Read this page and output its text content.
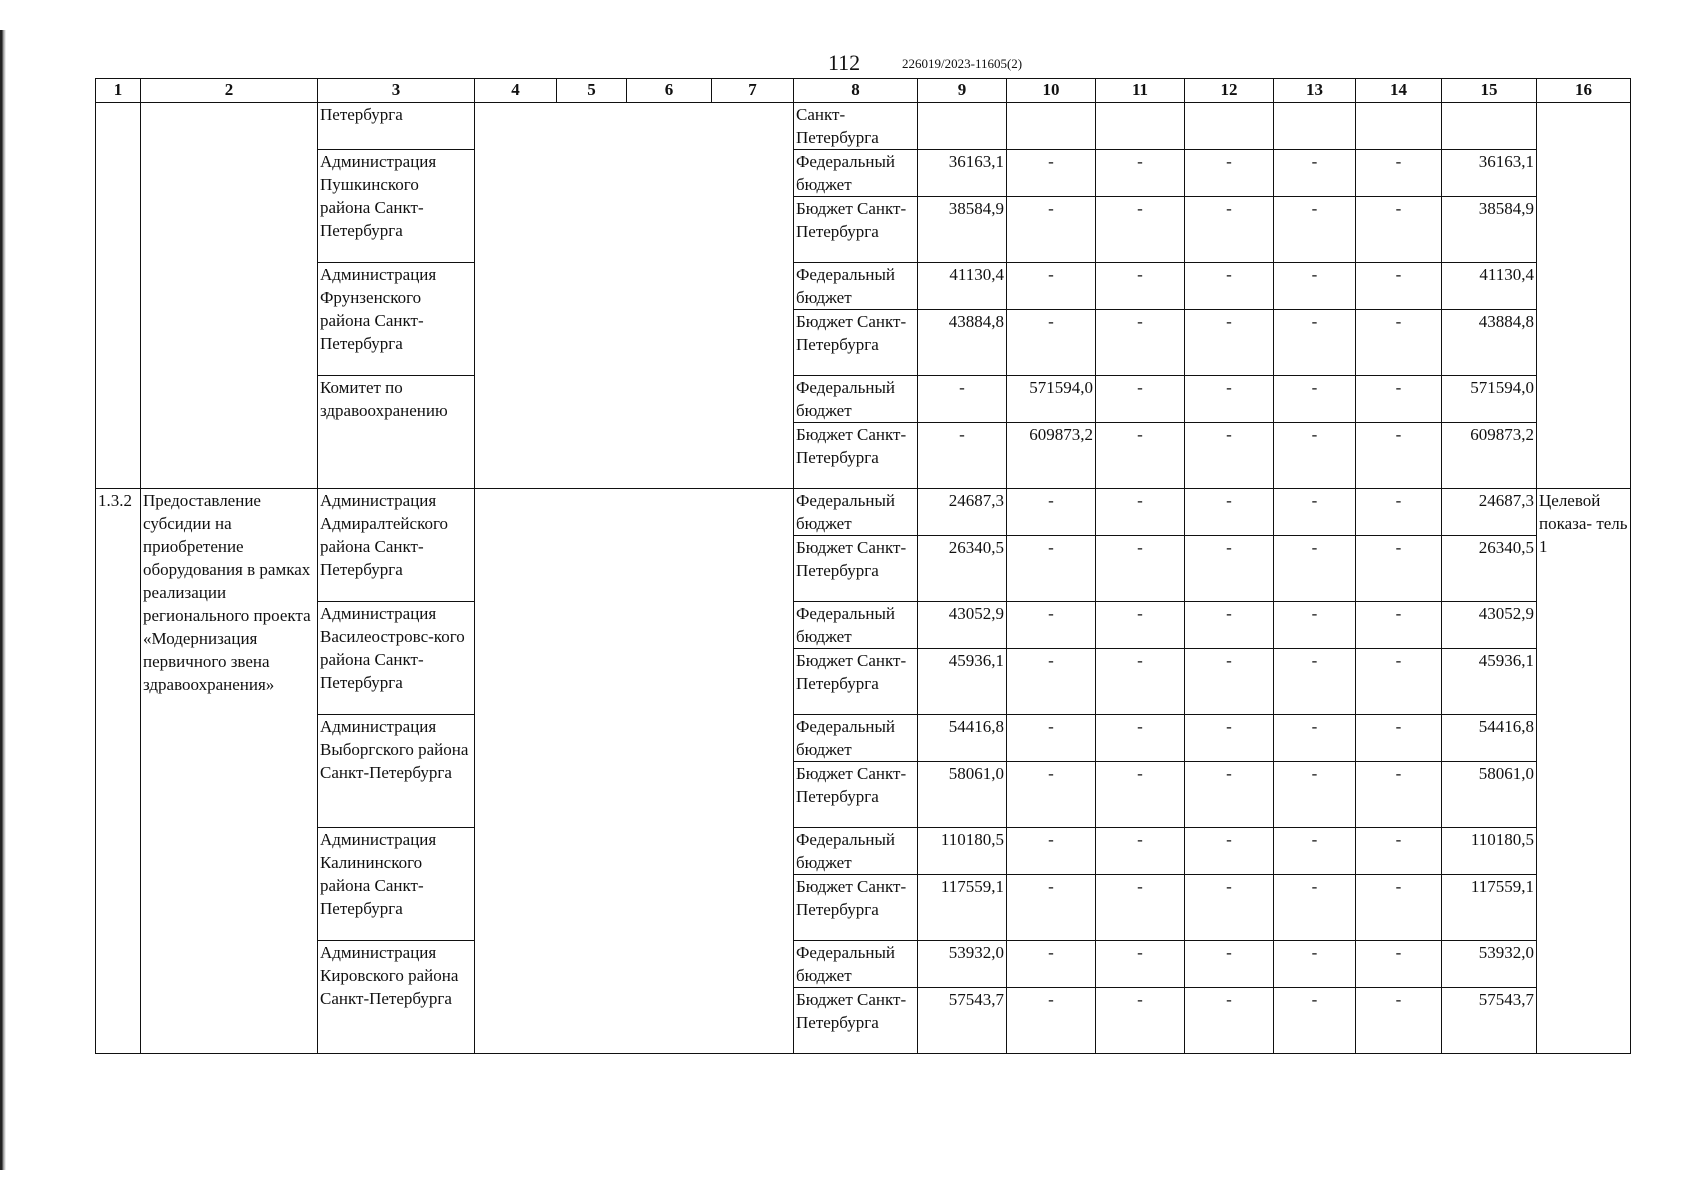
112	226019/2023-11605(2)
1	2	3	4	5	6	7	8	9	10	11	12	13	14	15	16
		Петербурга					Санкт-Петербурга								
		Администрация Пушкинского района Санкт-Петербурга					Федеральный бюджет	36163,1	-	-	-	-	-	36163,1	
							Бюджет Санкт-Петербурга	38584,9	-	-	-	-	-	38584,9	
		Администрация Фрунзенского района Санкт-Петербурга					Федеральный бюджет	41130,4	-	-	-	-	-	41130,4	
							Бюджет Санкт-Петербурга	43884,8	-	-	-	-	-	43884,8	
		Комитет по здравоохранению					Федеральный бюджет	-	571594,0	-	-	-	-	571594,0	
							Бюджет Санкт-Петербурга	-	609873,2	-	-	-	-	609873,2	
1.3.2	Предоставление субсидии на приобретение оборудования в рамках реализации регионального проекта «Модернизация первичного звена здравоохранения»	Администрация Адмиралтейского района Санкт-Петербурга					Федеральный бюджет	24687,3	-	-	-	-	-	24687,3	Целевой показа- тель 1
							Бюджет Санкт-Петербурга	26340,5	-	-	-	-	-	26340,5	
		Администрация Василеостровс-кого района Санкт-Петербурга					Федеральный бюджет	43052,9	-	-	-	-	-	43052,9	
							Бюджет Санкт-Петербурга	45936,1	-	-	-	-	-	45936,1	
		Администрация Выборгского района Санкт-Петербурга					Федеральный бюджет	54416,8	-	-	-	-	-	54416,8	
							Бюджет Санкт-Петербурга	58061,0	-	-	-	-	-	58061,0	
		Администрация Калининского района Санкт-Петербурга					Федеральный бюджет	110180,5	-	-	-	-	-	110180,5	
							Бюджет Санкт-Петербурга	117559,1	-	-	-	-	-	117559,1	
		Администрация Кировского района Санкт-Петербурга					Федеральный бюджет	53932,0	-	-	-	-	-	53932,0	
							Бюджет Санкт-Петербурга	57543,7	-	-	-	-	-	57543,7	
